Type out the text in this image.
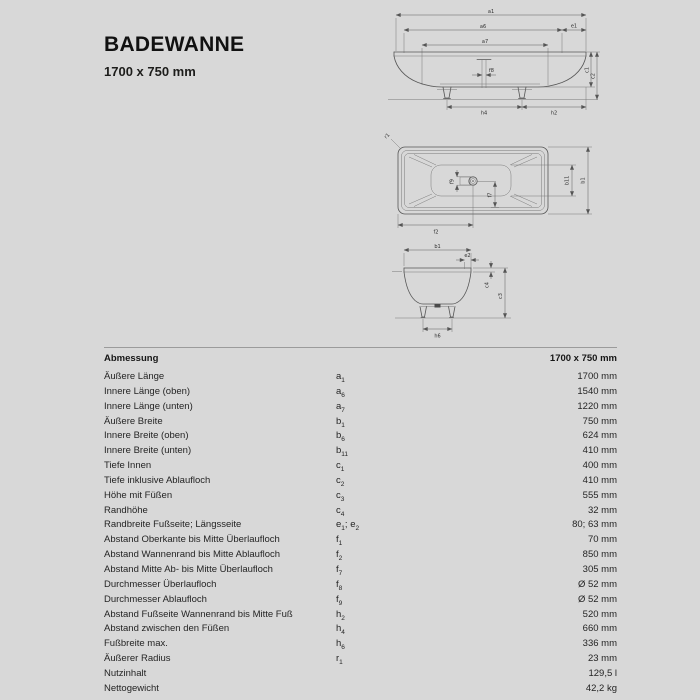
BADEWANNE
1700 x 750 mm
a1
a6	e1
a7
f8	c1
c2
h4	h2
r1
f9
f7
b11 b1
f2
b1
e2
c4
c3
h6
Abmessung	1700 x 750 mm
Äußere Länge	$a_1$	1700 mm
Innere Länge (oben)	$a_6$	1540 mm
Innere Länge (unten)	$a_7$	1220 mm
Äußere Breite	$b_1$	750 mm
Innere Breite (oben)	$b_6$	624 mm
Innere Breite (unten)	$b_{11}$	410 mm
Tiefe Innen	$c_1$	400 mm
Tiefe inklusive Ablaufloch	$c_2$	410 mm
Höhe mit Füßen	$c_3$	555 mm
Randhöhe	$c_4$	32 mm
Randbreite Fußseite; Längsseite	$e_1$; $e_2$	80; 63 mm
Abstand Oberkante bis Mitte Überlaufloch	$f_1$	70 mm
Abstand Wannenrand bis Mitte Ablaufloch	$f_2$	850 mm
Abstand Mitte Ab- bis Mitte Überlaufloch	$f_7$	305 mm
Durchmesser Überlaufloch	$f_8$	Ø 52 mm
Durchmesser Ablaufloch	$f_9$	Ø 52 mm
Abstand Fußseite Wannenrand bis Mitte Fuß	$h_2$	520 mm
Abstand zwischen den Füßen	$h_4$	660 mm
Fußbreite max.	$h_6$	336 mm
Äußerer Radius	$r_1$	23 mm
Nutzinhalt	129,5 l
Nettogewicht	42,2 kg
